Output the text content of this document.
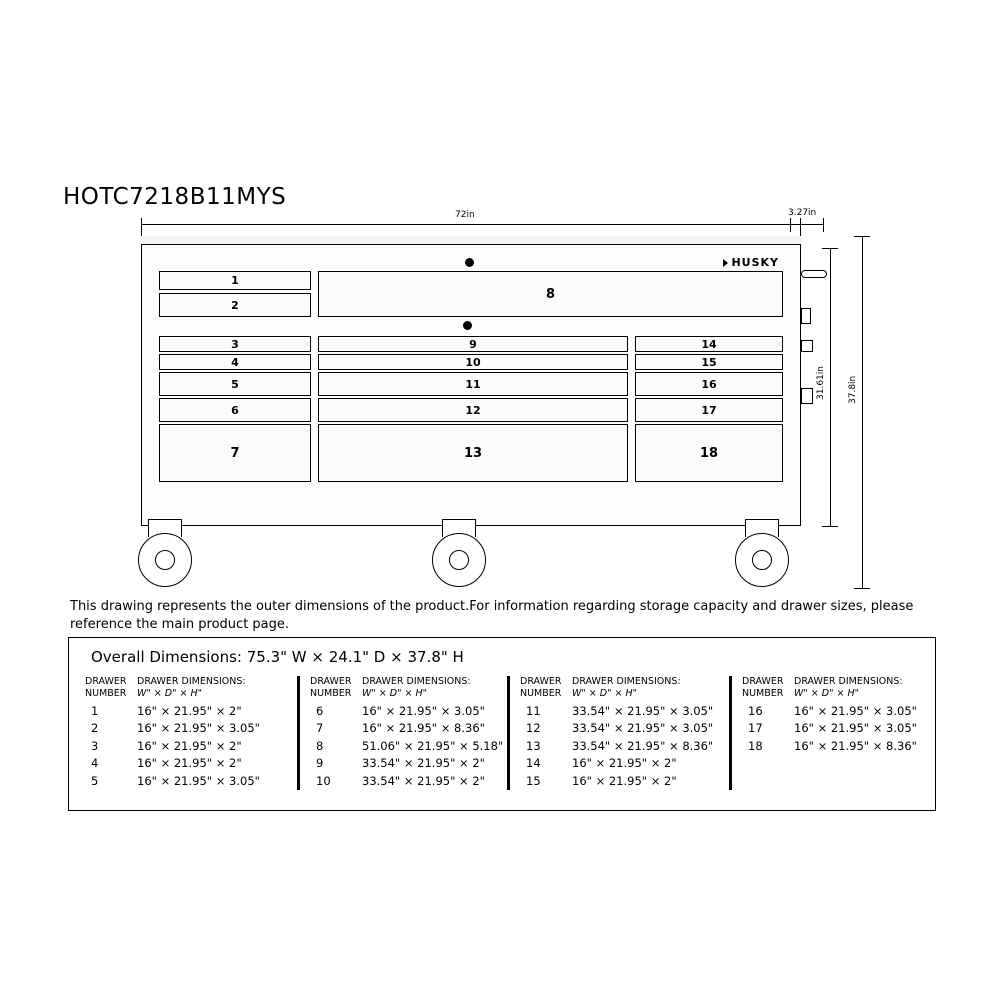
HOTC7218B11MYS
72in	3.27in
31.61in 37.8in
HUSKY
1
2
8
3
4
5
6
7
9
10
11
12
13
14
15
16
17
18
This drawing represents the outer dimensions of the product.For information regarding storage capacity and drawer sizes, please reference the main product page.
Overall Dimensions: 75.3" W × 24.1" D × 37.8" H
DRAWER
NUMBER
DRAWER DIMENSIONS:
W" × D" × H"
1	16" × 21.95" × 2"
2	16" × 21.95" × 3.05"
3	16" × 21.95" × 2"
4	16" × 21.95" × 2"
5	16" × 21.95" × 3.05"
DRAWER
NUMBER
DRAWER DIMENSIONS:
W" × D" × H"
6	16" × 21.95" × 3.05"
7	16" × 21.95" × 8.36"
8	51.06" × 21.95" × 5.18"
9	33.54" × 21.95" × 2"
10	33.54" × 21.95" × 2"
DRAWER
NUMBER
DRAWER DIMENSIONS:
W" × D" × H"
11	33.54" × 21.95" × 3.05"
12	33.54" × 21.95" × 3.05"
13	33.54" × 21.95" × 8.36"
14	16" × 21.95" × 2"
15	16" × 21.95" × 2"
DRAWER
NUMBER
DRAWER DIMENSIONS:
W" × D" × H"
16	16" × 21.95" × 3.05"
17	16" × 21.95" × 3.05"
18	16" × 21.95" × 8.36"
